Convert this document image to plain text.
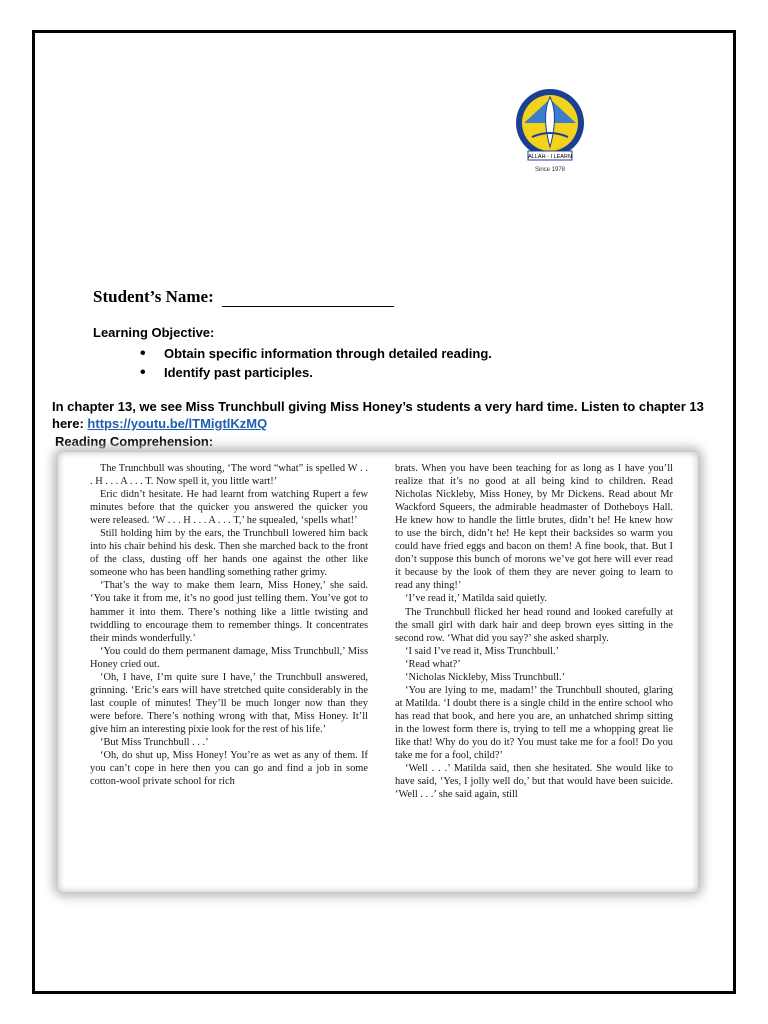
ALLAH - I LEARN
Since 1978
Student’s Name:
Learning Objective:
• Obtain specific information through detailed reading.
• Identify past participles.
In chapter 13, we see Miss Trunchbull giving Miss Honey’s students a very hard time. Listen to chapter 13 here: https://youtu.be/lTMigtlKzMQ
Reading Comprehension:

The Trunchbull was shouting, ‘The word “what” is spelled W . . . H . . . A . . . T. Now spell it, you little wart!’

Eric didn’t hesitate. He had learnt from watching Rupert a few minutes before that the quicker you answered the quicker you were released. ‘W . . . H . . . A . . . T,’ he squealed, ‘spells what!’

Still holding him by the ears, the Trunchbull lowered him back into his chair behind his desk. Then she marched back to the front of the class, dusting off her hands one against the other like someone who has been handling something rather grimy.

‘That’s the way to make them learn, Miss Honey,’ she said. ‘You take it from me, it’s no good just telling them. You’ve got to hammer it into them. There’s nothing like a little twisting and twiddling to encourage them to remember things. It concentrates their minds wonderfully.’

‘You could do them permanent damage, Miss Trunchbull,’ Miss Honey cried out.

‘Oh, I have, I’m quite sure I have,’ the Trunchbull answered, grinning. ‘Eric’s ears will have stretched quite considerably in the last couple of minutes! They’ll be much longer now than they were before. There’s nothing wrong with that, Miss Honey. It’ll give him an interesting pixie look for the rest of his life.’

‘But Miss Trunchbull . . .’

‘Oh, do shut up, Miss Honey! You’re as wet as any of them. If you can’t cope in here then you can go and find a job in some cotton-wool private school for rich

brats. When you have been teaching for as long as I have you’ll realize that it’s no good at all being kind to children. Read Nicholas Nickleby, Miss Honey, by Mr Dickens. Read about Mr Wackford Squeers, the admirable headmaster of Dotheboys Hall. He knew how to handle the little brutes, didn’t he! He knew how to use the birch, didn’t he! He kept their backsides so warm you could have fried eggs and bacon on them! A fine book, that. But I don’t suppose this bunch of morons we’ve got here will ever read it because by the look of them they are never going to learn to read any thing!’

‘I’ve read it,’ Matilda said quietly.

The Trunchbull flicked her head round and looked carefully at the small girl with dark hair and deep brown eyes sitting in the second row. ‘What did you say?’ she asked sharply.

‘I said I’ve read it, Miss Trunchbull.’

‘Read what?’

‘Nicholas Nickleby, Miss Trunchbull.’

‘You are lying to me, madam!’ the Trunchbull shouted, glaring at Matilda. ‘I doubt there is a single child in the entire school who has read that book, and here you are, an unhatched shrimp sitting in the lowest form there is, trying to tell me a whopping great lie like that! Why do you do it? You must take me for a fool! Do you take me for a fool, child?’

‘Well . . .’ Matilda said, then she hesitated. She would like to have said, ‘Yes, I jolly well do,’ but that would have been suicide. ‘Well . . .’ she said again, still
